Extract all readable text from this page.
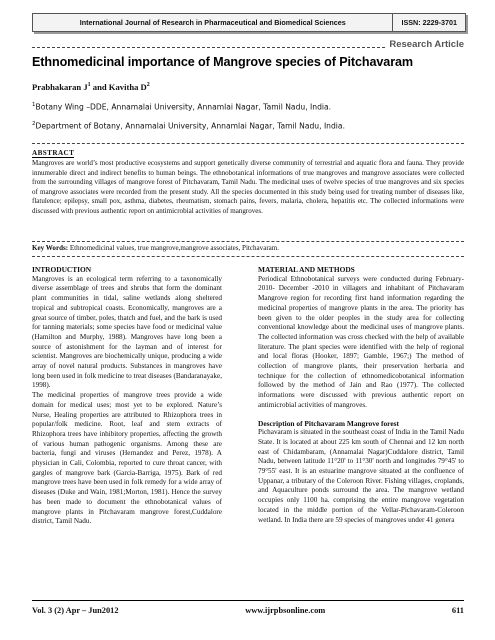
International Journal of Research in Pharmaceutical and Biomedical Sciences	ISSN: 2229-3701
Research Article
Ethnomedicinal importance of Mangrove species of Pitchavaram
Prabhakaran $J^1$ and Kavitha $D^2$
$^1$Botany Wing –DDE, Annamalai University, Annamlai Nagar, Tamil Nadu, India.
$^2$Department of Botany, Annamalai University, Annamlai Nagar, Tamil Nadu, India.
ABSTRACT
Mangroves are world’s most productive ecosystems and support genetically diverse community of terrestrial and aquatic flora and fauna. They provide innumerable direct and indirect benefits to human beings. The ethnobotanical informations of true mangroves and mangrove associates were collected from the surrounding villages of mangrove forest of Pitchavaram, Tamil Nadu. The medicinal uses of twelve species of true mangroves and six species of mangrove associates were recorded from the present study. All the species documented in this study being used for treating number of diseases like, flatulence; epilepsy, small pox, asthma, diabetes, rheumatism, stomach pains, fevers, malaria, cholera, hepatitis etc. The collected informations were discussed with previous authentic report on antimicrobial activities of mangroves.
Key Words: Ethnomedicinal values, true mangrove,mangrove associates, Pitchavaram.

INTRODUCTION

Mangroves is an ecological term referring to a taxonomically diverse assemblage of trees and shrubs that form the dominant plant communities in tidal, saline wetlands along sheltered tropical and subtropical coasts. Economically, mangroves are a great source of timber, poles, thatch and fuel, and the bark is used for tanning materials; some species have food or medicinal value (Hamilton and Murphy, 1988). Mangroves have long been a source of astonishment for the layman and of interest for scientist. Mangroves are biochemically unique, producing a wide array of novel natural products. Substances in mangroves have long been used in folk medicine to treat diseases (Bandaranayake, 1998).

The medicinal properties of mangrove trees provide a wide domain for medical uses; most yet to be explored. Nature’s Nurse, Healing properties are attributed to Rhizophora trees in popular/folk medicine. Root, leaf and stem extracts of Rhizophora trees have inhibitory properties, affecting the growth of various human pathogenic organisms. Among these are bacteria, fungi and viruses (Hernandez and Perez, 1978). A physician in Cali, Colombia, reported to cure throat cancer, with gargles of mangrove bark (Garcia-Barriga, 1975). Bark of red mangrove trees have been used in folk remedy for a wide array of diseases (Duke and Wain, 1981;Morton, 1981). Hence the survey has been made to document the ethnobotanical values of mangrove plants in Pitchavaram mangrove forest,Cuddalore district, Tamil Nadu.

MATERIAL AND METHODS

Periodical Ethnobotanical surveys were conducted during February-2010- December -2010 in villagers and inhabitant of Pitchavaram Mangrove region for recording first hand information regarding the medicinal properties of mangrove plants in the area. The priority has been given to the older peoples in the study area for collecting conventional knowledge about the medicinal uses of mangrove plants. The collected information was cross checked with the help of available literature. The plant species were identified with the help of regional and local floras (Hooker, 1897; Gamble, 1967;) The method of collection of mangrove plants, their preservation herbaria and technique for the collection of ethnomedicobotanical information followed by the method of Jain and Rao (1977). The collected informations were discussed with previous authentic report on antimicrobial activities of mangroves.

Description of Pitchavaram Mangrove forest

Pichavaram is situated in the southeast coast of India in the Tamil Nadu State. It is located at about 225 km south of Chennai and 12 km north east of Chidambaram, (Annamalai Nagar)Cuddalore district, Tamil Nadu, between latitude 11°20' to 11°30' north and longitudes 79°45' to 79°55' east. It is an estuarine mangrove situated at the confluence of Uppanar, a tributary of the Coleroon River. Fishing villages, croplands, and Aquaculture ponds surround the area. The mangrove wetland occupies only 1100 ha. comprising the entire mangrove vegetation located in the middle portion of the Vellar-Pichavaram-Coleroon wetland. In India there are 59 species of mangroves under 41 genera

Vol. 3 (2) Apr – Jun2012	www.ijrpbsonline.com	611
